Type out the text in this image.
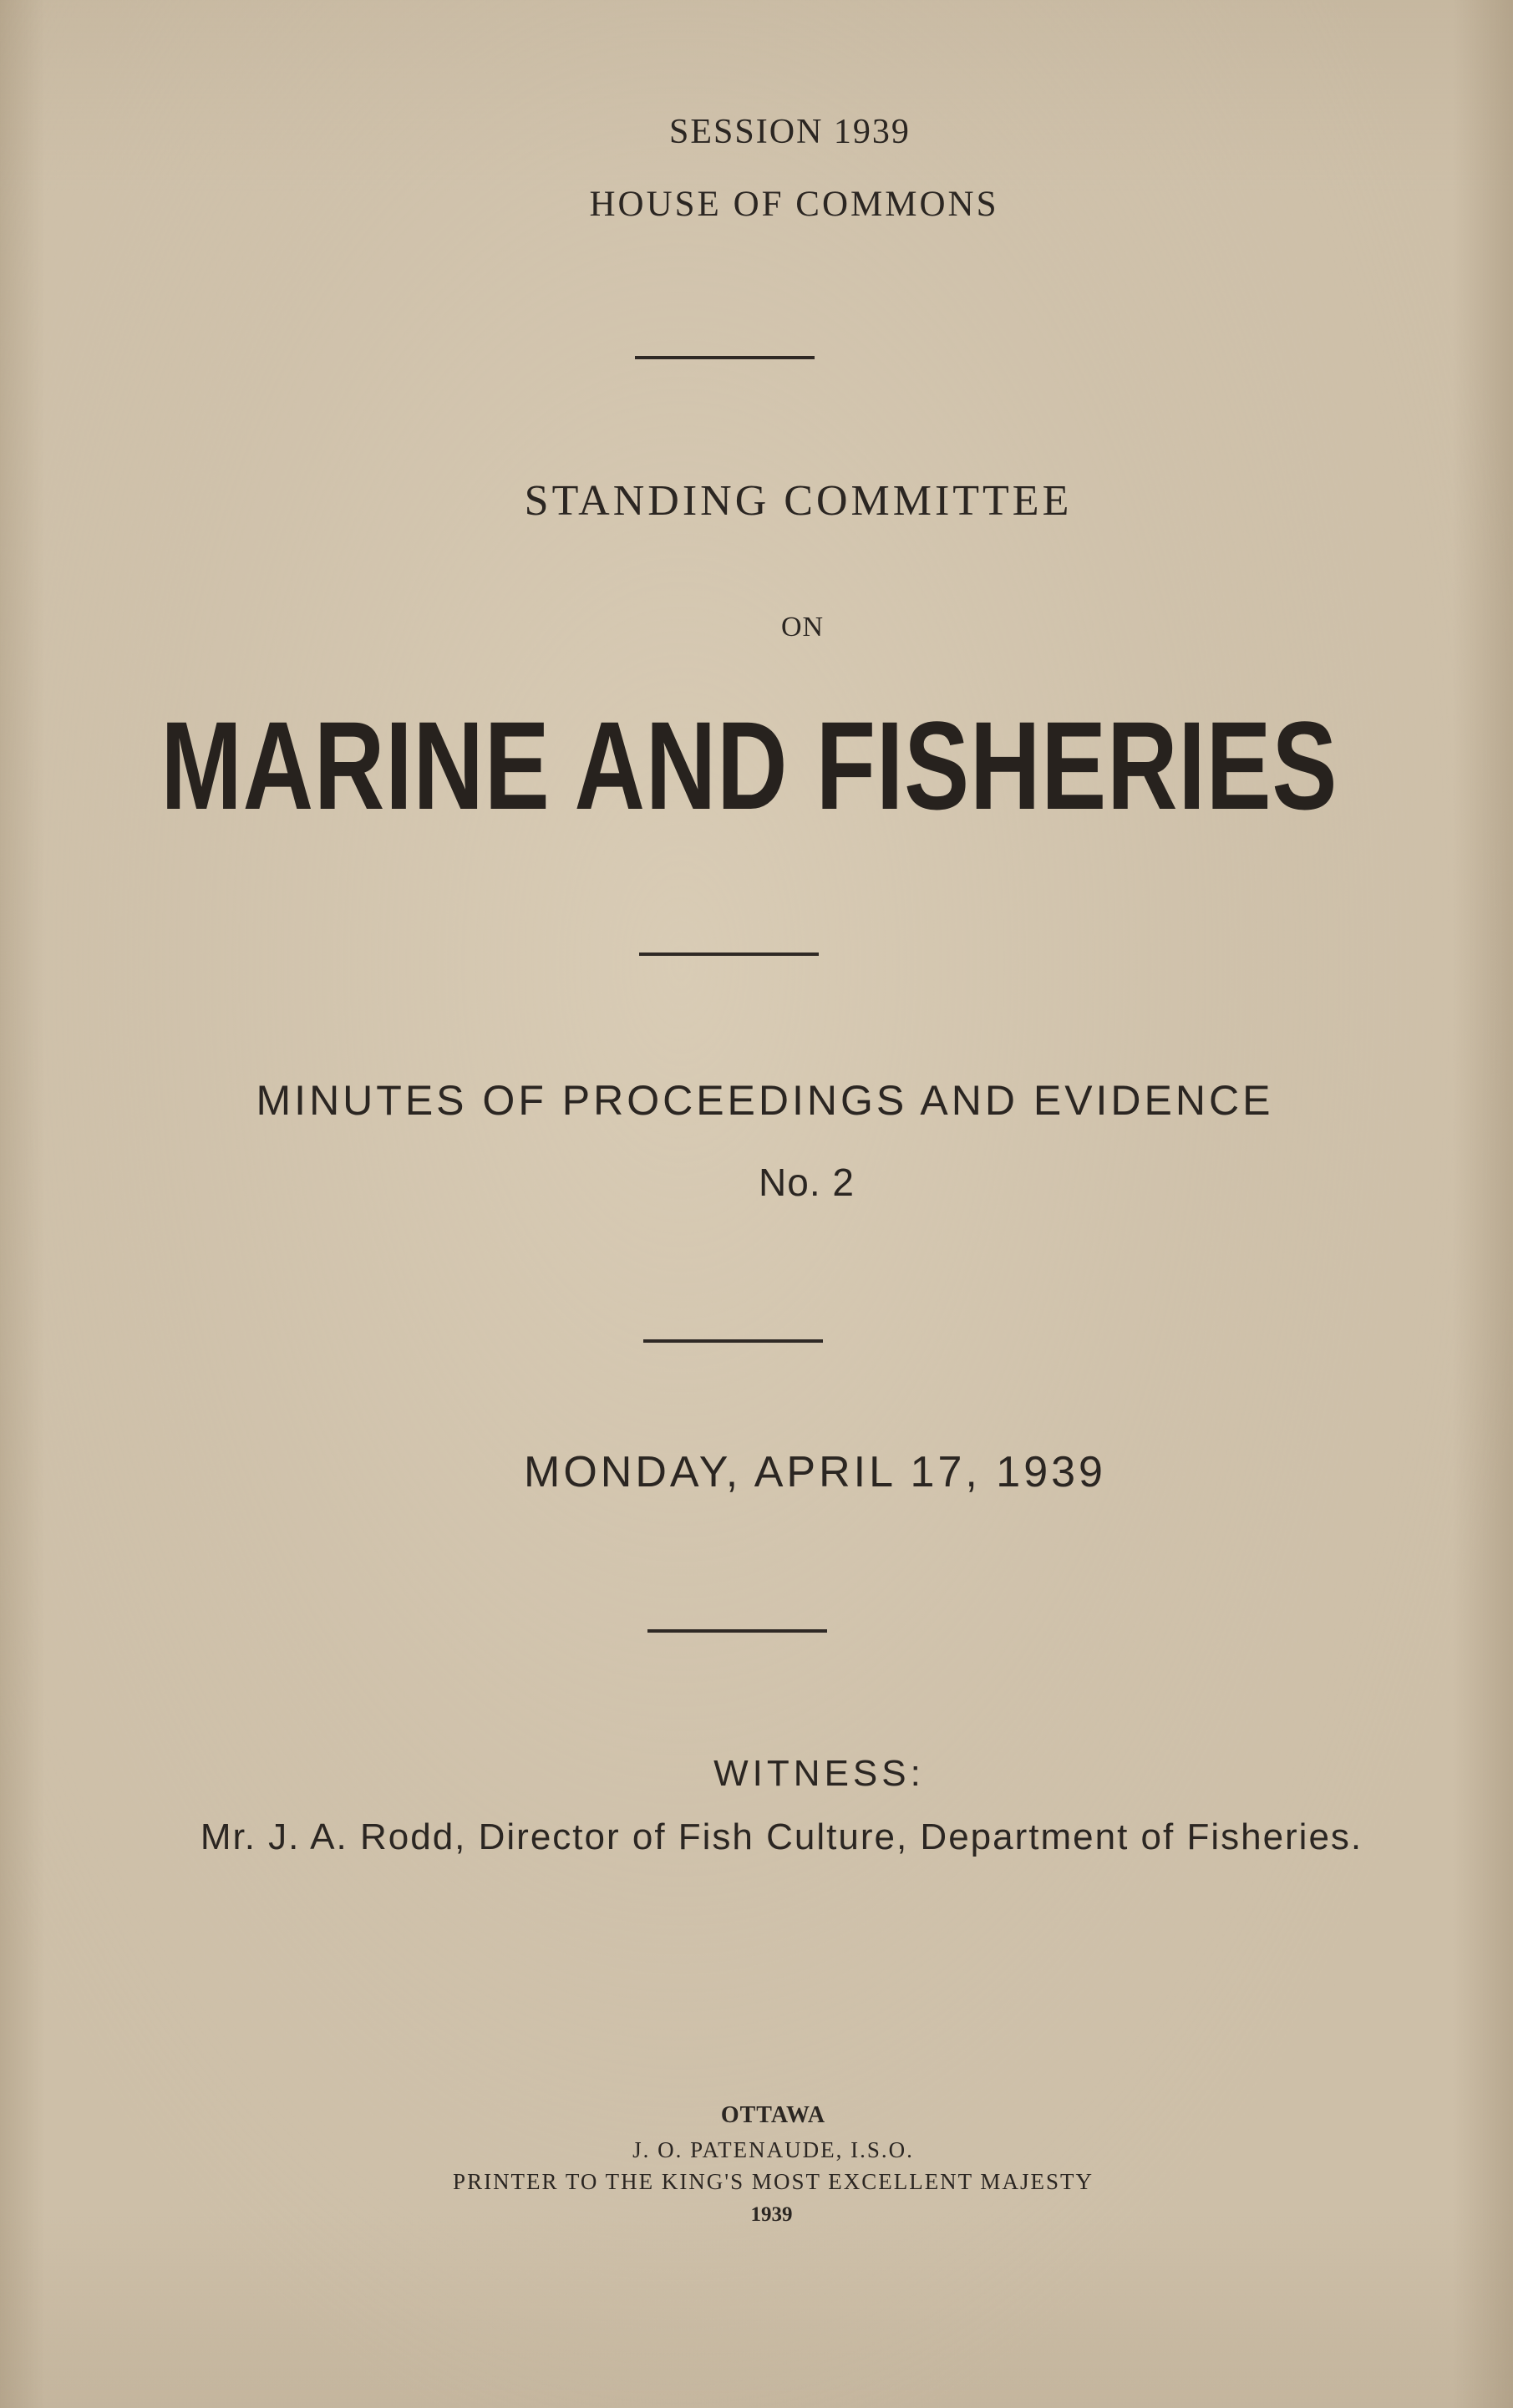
SESSION 1939
HOUSE OF COMMONS
STANDING COMMITTEE
ON
MARINE AND FISHERIES
MINUTES OF PROCEEDINGS AND EVIDENCE
No. 2
MONDAY, APRIL 17, 1939
WITNESS:
Mr. J. A. Rodd, Director of Fish Culture, Department of Fisheries.
OTTAWA
J. O. PATENAUDE, I.S.O.
PRINTER TO THE KING'S MOST EXCELLENT MAJESTY
1939
